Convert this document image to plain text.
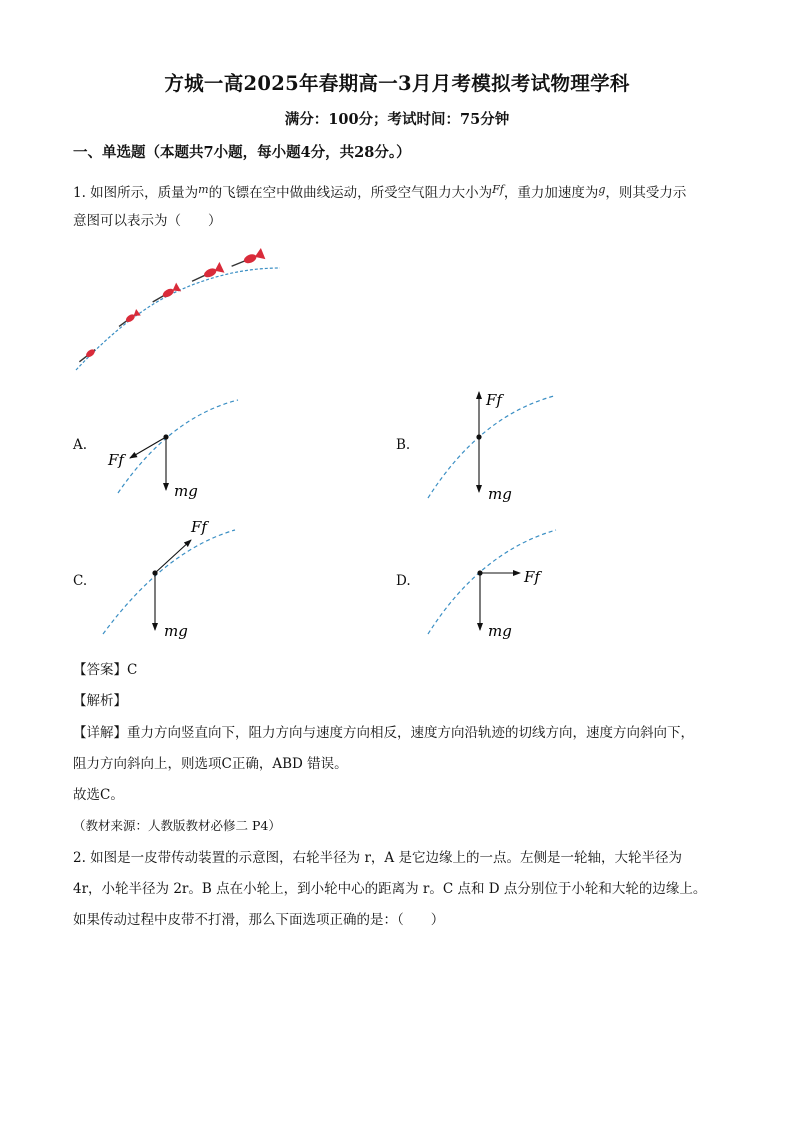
方城一高2025年春期高一3月月考模拟考试物理学科
满分：100分；考试时间：75分钟
一、单选题（本题共7小题，每小题4分，共28分。）
1. 如图所示，质量为$^m$的飞镖在空中做曲线运动，所受空气阻力大小为$^{Ff}$，重力加速度为$^g$，则其受力示
意图可以表示为（　　）
A.
Ff
mg
B.
Ff
mg
C.
Ff
mg
D.	Ff
mg
【答案】C
【解析】
【详解】重力方向竖直向下，阻力方向与速度方向相反，速度方向沿轨迹的切线方向，速度方向斜向下，
阻力方向斜向上，则选项C正确，ABD 错误。
故选C。
（教材来源：人教版教材必修二 P4）
2. 如图是一皮带传动装置的示意图，右轮半径为 r，A 是它边缘上的一点。左侧是一轮轴，大轮半径为
4r，小轮半径为 2r。B 点在小轮上，到小轮中心的距离为 r。C 点和 D 点分别位于小轮和大轮的边缘上。
如果传动过程中皮带不打滑，那么下面选项正确的是：（　　）
